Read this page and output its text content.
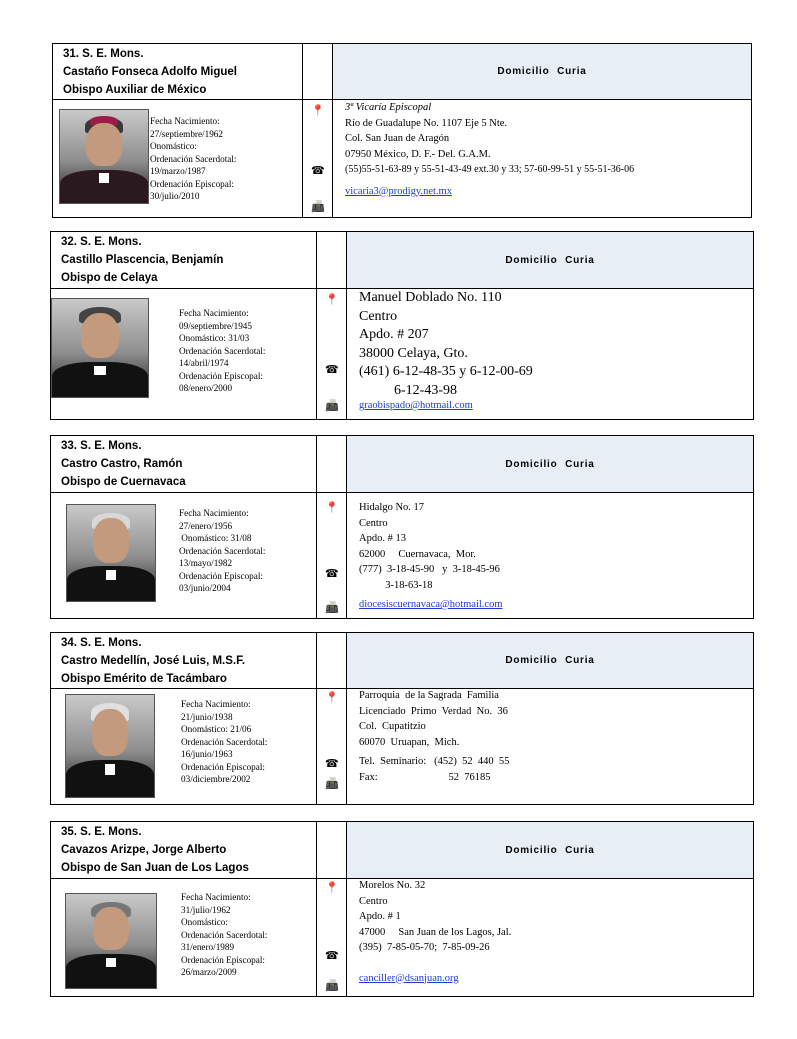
31. S. E. Mons.
Castaño Fonseca Adolfo Miguel
Obispo Auxiliar de México
Domicilio Curia
Fecha Nacimiento:
27/septiembre/1962
Onomástico:
Ordenación Sacerdotal:
19/marzo/1987
Ordenación Episcopal:
30/julio/2010
📍
☎
📠
3ª Vicaría Episcopal
Río de Guadalupe No. 1107 Eje 5 Nte.
Col. San Juan de Aragón
07950 México, D. F.- Del. G.A.M.
(55)55-51-63-89 y 55-51-43-49 ext.30 y 33; 57-60-99-51 y 55-51-36-06
vicaria3@prodigy.net.mx
32. S. E. Mons.
Castillo Plascencia, Benjamín
Obispo de Celaya
Domicilio Curia
Fecha Nacimiento:
09/septiembre/1945
Onomástico: 31/03
Ordenación Sacerdotal:
14/abril/1974
Ordenación Episcopal:
08/enero/2000
📍
☎
📠
Manuel Doblado No. 110
Centro
Apdo. # 207
38000 Celaya, Gto.
(461) 6-12-48-35 y 6-12-00-69
6-12-43-98
graobispado@hotmail.com
33. S. E. Mons.
Castro Castro, Ramón
Obispo de Cuernavaca
Domicilio Curia
Fecha Nacimiento:
27/enero/1956
Onomástico: 31/08
Ordenación Sacerdotal:
13/mayo/1982
Ordenación Episcopal:
03/junio/2004
📍
☎
📠
Hidalgo No. 17
Centro
Apdo. # 13
62000     Cuernavaca,  Mor.
(777)  3-18-45-90   y  3-18-45-96
3-18-63-18
diocesiscuernavaca@hotmail.com
34. S. E. Mons.
Castro Medellín, José Luis, M.S.F.
Obispo Emérito de Tacámbaro
Domicilio Curia
Fecha Nacimiento:
21/junio/1938
Onomástico: 21/06
Ordenación Sacerdotal:
16/junio/1963
Ordenación Episcopal:
03/diciembre/2002
📍
☎
📠
Parroquia  de la Sagrada  Familia
Licenciado  Primo  Verdad  No.  36
Col.  Cupatitzio
60070  Uruapan,  Mich.
Tel.  Seminario:   (452)  52  440  55
Fax:                           52  76185
35. S. E. Mons.
Cavazos Arizpe, Jorge Alberto
Obispo de San Juan de Los Lagos
Domicilio Curia
Fecha Nacimiento:
31/julio/1962
Onomástico:
Ordenación Sacerdotal:
31/enero/1989
Ordenación Episcopal:
26/marzo/2009
📍
☎
📠
Morelos No. 32
Centro
Apdo. # 1
47000     San Juan de los Lagos, Jal.
(395)  7-85-05-70;  7-85-09-26
canciller@dsanjuan.org
